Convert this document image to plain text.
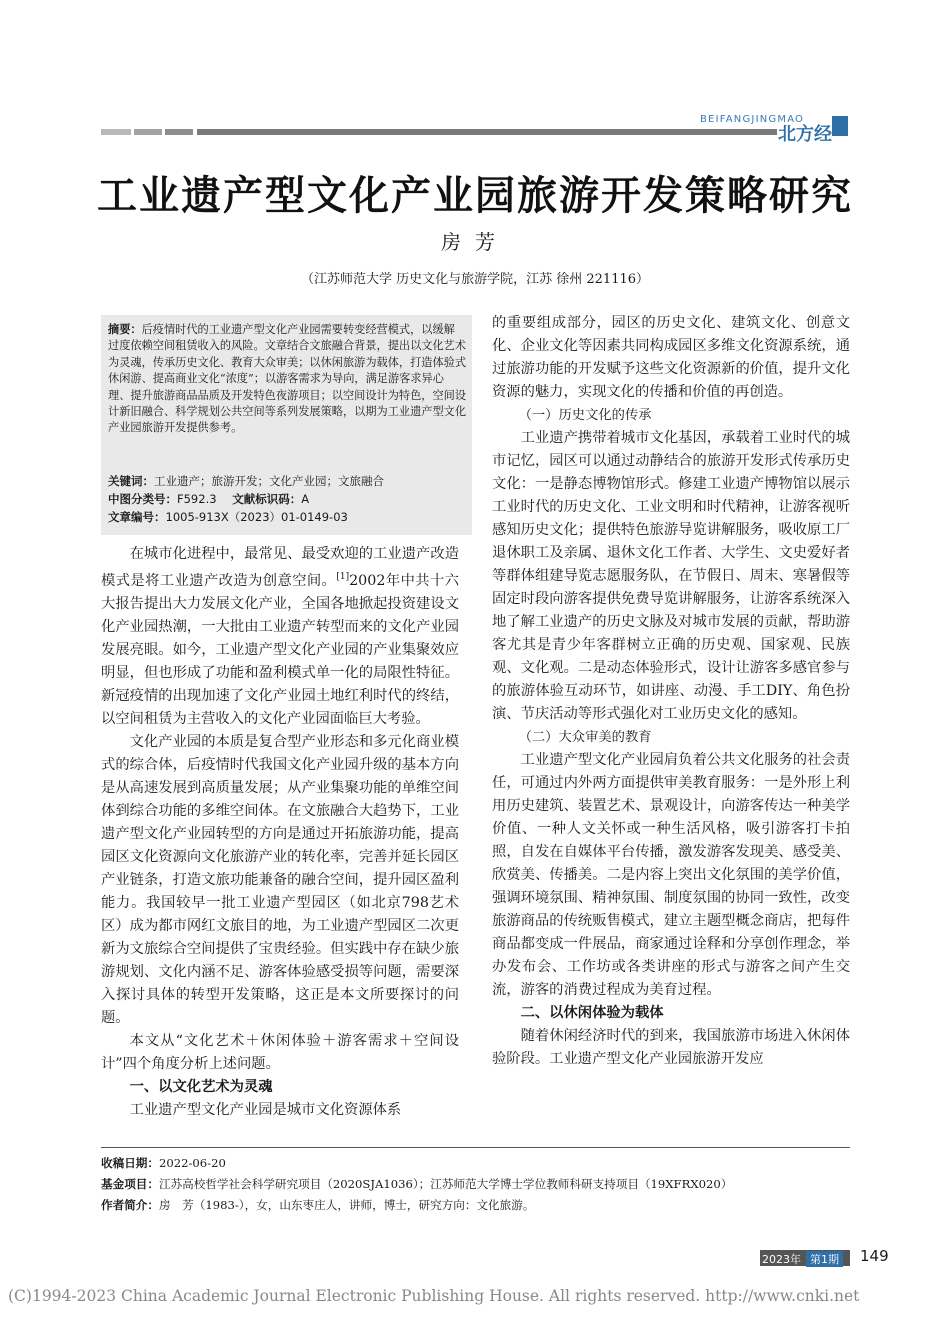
BEIFANGJINGMAO
北方经
工业遗产型文化产业园旅游开发策略研究
房芳
（江苏师范大学 历史文化与旅游学院，江苏 徐州 221116）
摘要：后疫情时代的工业遗产型文化产业园需要转变经营模式，以缓解过度依赖空间租赁收入的风险。文章结合文旅融合背景，提出以文化艺术为灵魂，传承历史文化、教育大众审美；以休闲旅游为载体，打造体验式休闲游、提高商业文化“浓度”；以游客需求为导向，满足游客求异心理、提升旅游商品品质及开发特色夜游项目；以空间设计为特色，空间设计新旧融合、科学规划公共空间等系列发展策略，以期为工业遗产型文化产业园旅游开发提供参考。
关键词：工业遗产；旅游开发；文化产业园；文旅融合
中图分类号：F592.3 文献标识码：A
文章编号：1005-913X（2023）01-0149-03

在城市化进程中，最常见、最受欢迎的工业遗产改造模式是将工业遗产改造为创意空间。[1]2002年中共十六大报告提出大力发展文化产业，全国各地掀起投资建设文化产业园热潮，一大批由工业遗产转型而来的文化产业园发展亮眼。如今，工业遗产型文化产业园的产业集聚效应明显，但也形成了功能和盈利模式单一化的局限性特征。新冠疫情的出现加速了文化产业园土地红利时代的终结，以空间租赁为主营收入的文化产业园面临巨大考验。

文化产业园的本质是复合型产业形态和多元化商业模式的综合体，后疫情时代我国文化产业园升级的基本方向是从高速发展到高质量发展；从产业集聚功能的单维空间体到综合功能的多维空间体。在文旅融合大趋势下，工业遗产型文化产业园转型的方向是通过开拓旅游功能，提高园区文化资源向文化旅游产业的转化率，完善并延长园区产业链条，打造文旅功能兼备的融合空间，提升园区盈利能力。我国较早一批工业遗产型园区（如北京798艺术区）成为都市网红文旅目的地，为工业遗产型园区二次更新为文旅综合空间提供了宝贵经验。但实践中存在缺少旅游规划、文化内涵不足、游客体验感受损等问题，需要深入探讨具体的转型开发策略，这正是本文所要探讨的问题。

本文从“文化艺术＋休闲体验＋游客需求＋空间设计”四个角度分析上述问题。

一、以文化艺术为灵魂

工业遗产型文化产业园是城市文化资源体系

的重要组成部分，园区的历史文化、建筑文化、创意文化、企业文化等因素共同构成园区多维文化资源系统，通过旅游功能的开发赋予这些文化资源新的价值，提升文化资源的魅力，实现文化的传播和价值的再创造。

（一）历史文化的传承

工业遗产携带着城市文化基因，承载着工业时代的城市记忆，园区可以通过动静结合的旅游开发形式传承历史文化：一是静态博物馆形式。修建工业遗产博物馆以展示工业时代的历史文化、工业文明和时代精神，让游客视听感知历史文化；提供特色旅游导览讲解服务，吸收原工厂退休职工及亲属、退休文化工作者、大学生、文史爱好者等群体组建导览志愿服务队，在节假日、周末、寒暑假等固定时段向游客提供免费导览讲解服务，让游客系统深入地了解工业遗产的历史文脉及对城市发展的贡献，帮助游客尤其是青少年客群树立正确的历史观、国家观、民族观、文化观。二是动态体验形式，设计让游客多感官参与的旅游体验互动环节，如讲座、动漫、手工DIY、角色扮演、节庆活动等形式强化对工业历史文化的感知。

（二）大众审美的教育

工业遗产型文化产业园肩负着公共文化服务的社会责任，可通过内外两方面提供审美教育服务：一是外形上利用历史建筑、装置艺术、景观设计，向游客传达一种美学价值、一种人文关怀或一种生活风格，吸引游客打卡拍照，自发在自媒体平台传播，激发游客发现美、感受美、欣赏美、传播美。二是内容上突出文化氛围的美学价值，强调环境氛围、精神氛围、制度氛围的协同一致性，改变旅游商品的传统贩售模式，建立主题型概念商店，把每件商品都变成一件展品，商家通过诠释和分享创作理念，举办发布会、工作坊或各类讲座的形式与游客之间产生交流，游客的消费过程成为美育过程。

二、以休闲体验为载体

随着休闲经济时代的到来，我国旅游市场进入休闲体验阶段。工业遗产型文化产业园旅游开发应

收稿日期：2022-06-20
基金项目：江苏高校哲学社会科学研究项目（2020SJA1036）；江苏师范大学博士学位教师科研支持项目（19XFRX020）
作者简介：房　芳（1983-），女，山东枣庄人，讲师，博士，研究方向：文化旅游。
2023年 第1期 149
(C)1994-2023 China Academic Journal Electronic Publishing House. All rights reserved. http://www.cnki.net
